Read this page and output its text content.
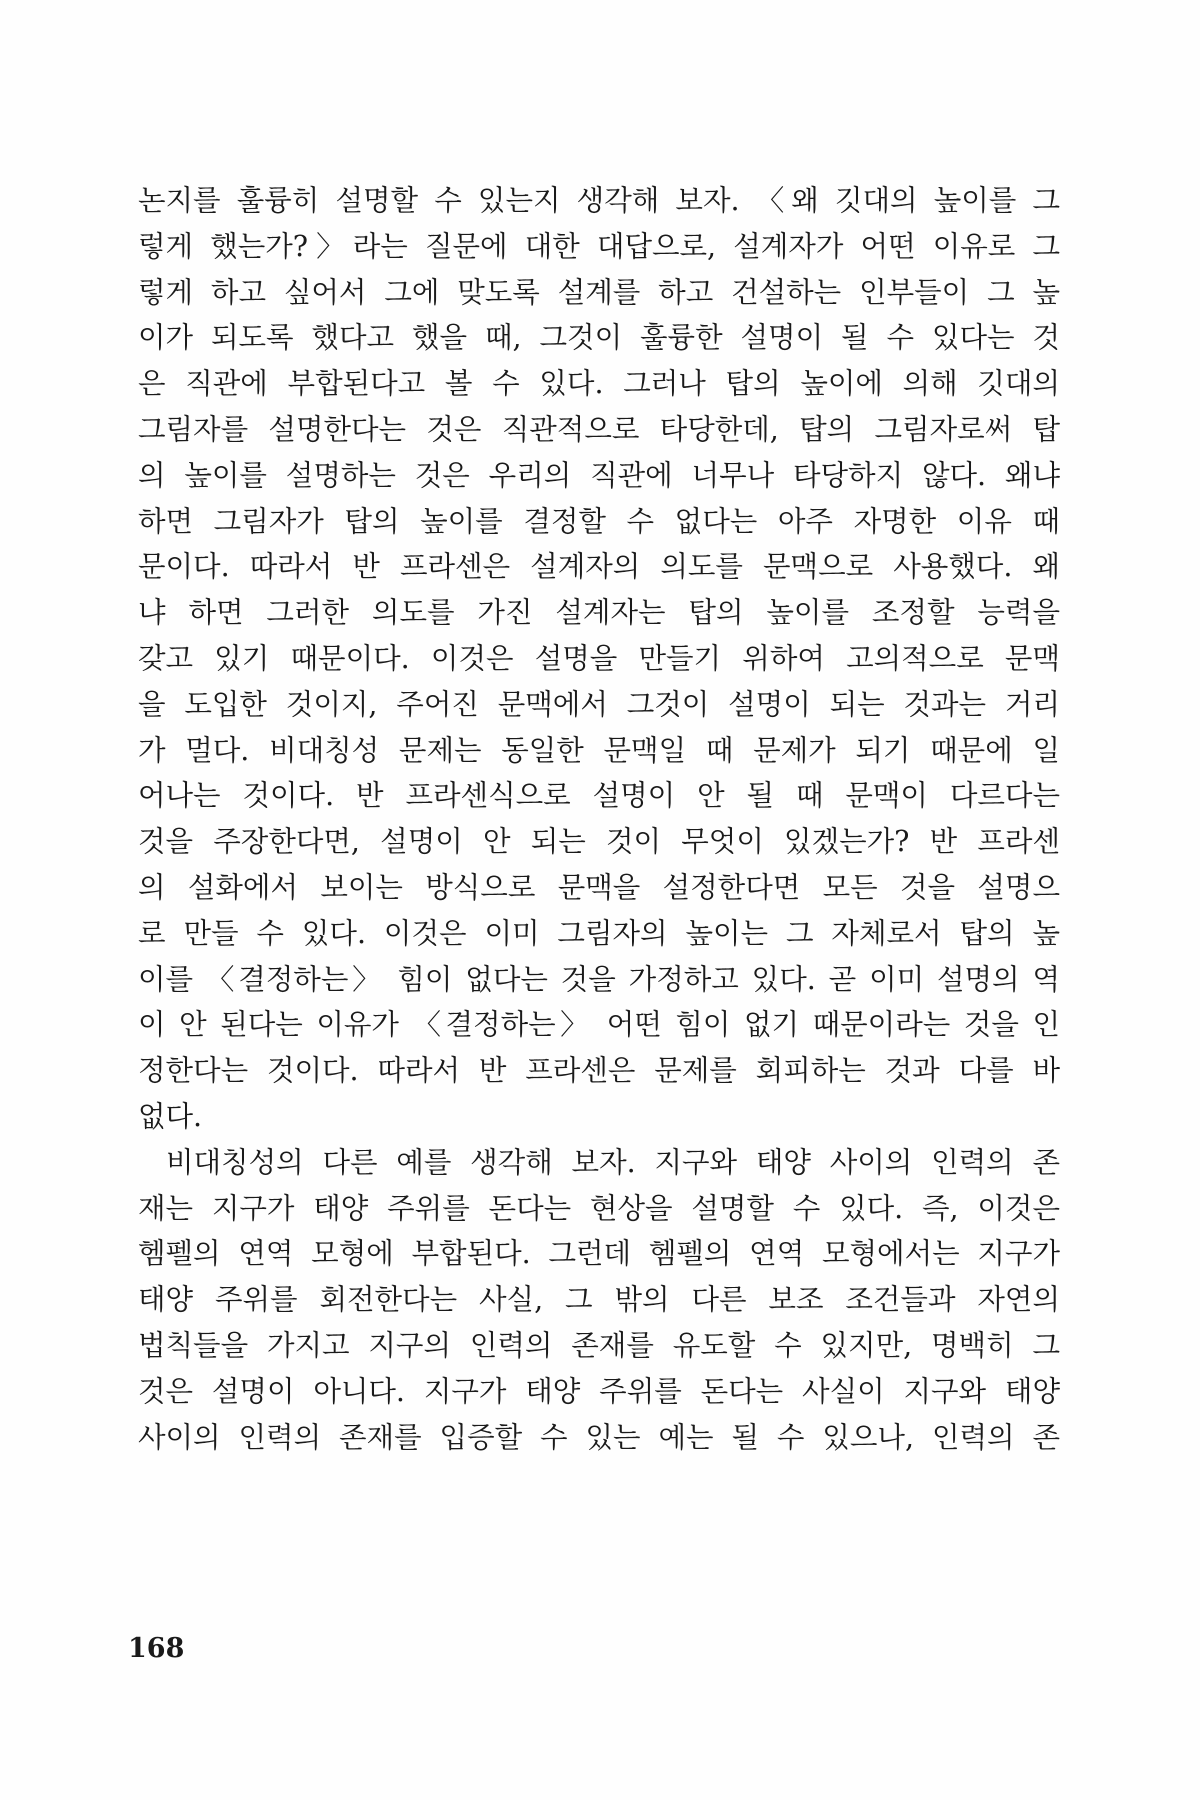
논지를 훌륭히 설명할 수 있는지 생각해 보자. 〈왜 깃대의 높이를 그
렇게 했는가?〉라는 질문에 대한 대답으로, 설계자가 어떤 이유로 그
렇게 하고 싶어서 그에 맞도록 설계를 하고 건설하는 인부들이 그 높
이가 되도록 했다고 했을 때, 그것이 훌륭한 설명이 될 수 있다는 것
은 직관에 부합된다고 볼 수 있다. 그러나 탑의 높이에 의해 깃대의
그림자를 설명한다는 것은 직관적으로 타당한데, 탑의 그림자로써 탑
의 높이를 설명하는 것은 우리의 직관에 너무나 타당하지 않다. 왜냐
하면 그림자가 탑의 높이를 결정할 수 없다는 아주 자명한 이유 때
문이다. 따라서 반 프라센은 설계자의 의도를 문맥으로 사용했다. 왜
냐 하면 그러한 의도를 가진 설계자는 탑의 높이를 조정할 능력을
갖고 있기 때문이다. 이것은 설명을 만들기 위하여 고의적으로 문맥
을 도입한 것이지, 주어진 문맥에서 그것이 설명이 되는 것과는 거리
가 멀다. 비대칭성 문제는 동일한 문맥일 때 문제가 되기 때문에 일
어나는 것이다. 반 프라센식으로 설명이 안 될 때 문맥이 다르다는
것을 주장한다면, 설명이 안 되는 것이 무엇이 있겠는가? 반 프라센
의 설화에서 보이는 방식으로 문맥을 설정한다면 모든 것을 설명으
로 만들 수 있다. 이것은 이미 그림자의 높이는 그 자체로서 탑의 높
이를 〈결정하는〉 힘이 없다는 것을 가정하고 있다. 곧 이미 설명의 역
이 안 된다는 이유가 〈결정하는〉 어떤 힘이 없기 때문이라는 것을 인
정한다는 것이다. 따라서 반 프라센은 문제를 회피하는 것과 다를 바
없다.
비대칭성의 다른 예를 생각해 보자. 지구와 태양 사이의 인력의 존
재는 지구가 태양 주위를 돈다는 현상을 설명할 수 있다. 즉, 이것은
헴펠의 연역 모형에 부합된다. 그런데 헴펠의 연역 모형에서는 지구가
태양 주위를 회전한다는 사실, 그 밖의 다른 보조 조건들과 자연의
법칙들을 가지고 지구의 인력의 존재를 유도할 수 있지만, 명백히 그
것은 설명이 아니다. 지구가 태양 주위를 돈다는 사실이 지구와 태양
사이의 인력의 존재를 입증할 수 있는 예는 될 수 있으나, 인력의 존
168
